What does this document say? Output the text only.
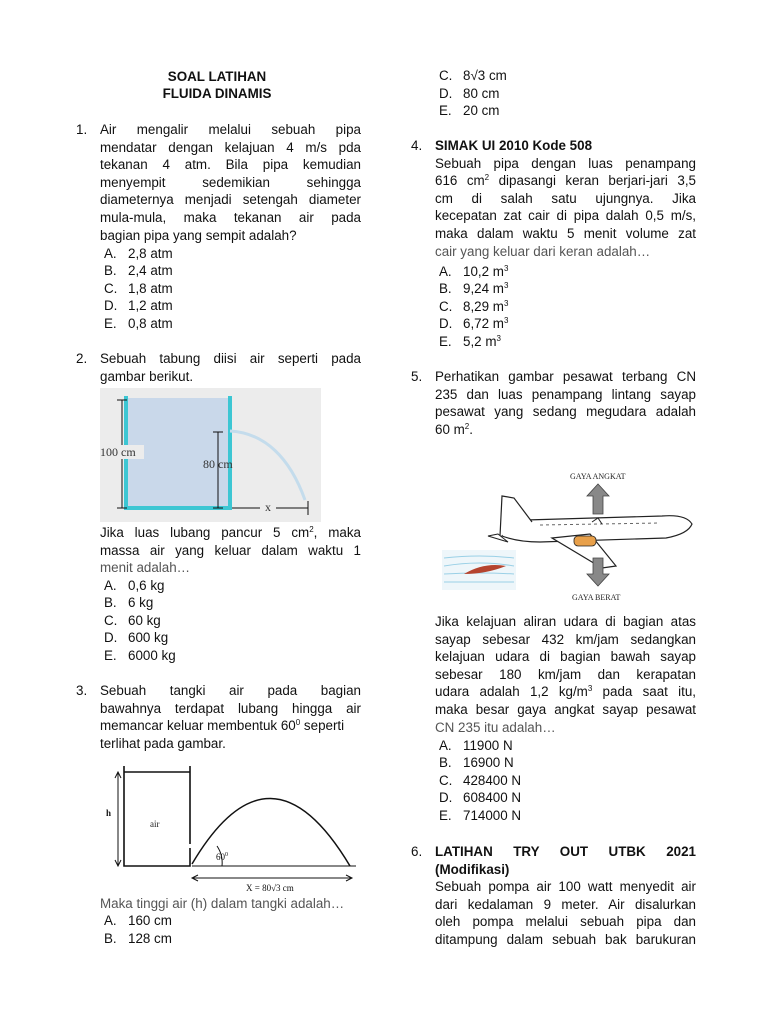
SOAL LATIHAN
FLUIDA DINAMIS
1. Air mengalir melalui sebuah pipa
mendatar dengan kelajuan 4 m/s pda
tekanan 4 atm. Bila pipa kemudian
menyempit sedemikian sehingga
diameternya menjadi setengah diameter
mula-mula, maka tekanan air pada
bagian pipa yang sempit adalah?
A. 2,8 atm
B. 2,4 atm
C. 1,8 atm
D. 1,2 atm
E. 0,8 atm
2. Sebuah tabung diisi air seperti pada
gambar berikut.
100 cm
80 cm
x
Jika luas lubang pancur 5 $cm^2$, maka
massa air yang keluar dalam waktu 1
menit adalah…
A. 0,6 kg
B. 6 kg
C. 60 kg
D. 600 kg
E. 6000 kg
3. Sebuah tangki air pada bagian
bawahnya terdapat lubang hingga air
memancar keluar membentuk $60^0$ seperti
terlihat pada gambar.
h
air
$60^0$
X = 80√3 cm
Maka tinggi air (h) dalam tangki adalah…
A. 160 cm
B. 128 cm
C. 8√3 cm
D. 80 cm
E. 20 cm
4. SIMAK UI 2010 Kode 508
Sebuah pipa dengan luas penampang
616 $cm^2$ dipasangi keran berjari-jari 3,5
cm di salah satu ujungnya. Jika
kecepatan zat cair di pipa dalah 0,5 m/s,
maka dalam waktu 5 menit volume zat
cair yang keluar dari keran adalah…
A. 10,2 $m^3$
B. 9,24 $m^3$
C. 8,29 $m^3$
D. 6,72 $m^3$
E. 5,2 $m^3$
5. Perhatikan gambar pesawat terbang CN
235 dan luas penampang lintang sayap
pesawat yang sedang megudara adalah
60 $m^2$.
GAYA ANGKAT
GAYA BERAT
Jika kelajuan aliran udara di bagian atas
sayap sebesar 432 km/jam sedangkan
kelajuan udara di bagian bawah sayap
sebesar 180 km/jam dan kerapatan
udara adalah 1,2 $kg/m^3$ pada saat itu,
maka besar gaya angkat sayap pesawat
CN 235 itu adalah…
A. 11900 N
B. 16900 N
C. 428400 N
D. 608400 N
E. 714000 N
6. LATIHAN TRY OUT UTBK 2021
(Modifikasi)
Sebuah pompa air 100 watt menyedit air
dari kedalaman 9 meter. Air disalurkan
oleh pompa melalui sebuah pipa dan
ditampung dalam sebuah bak barukuran
